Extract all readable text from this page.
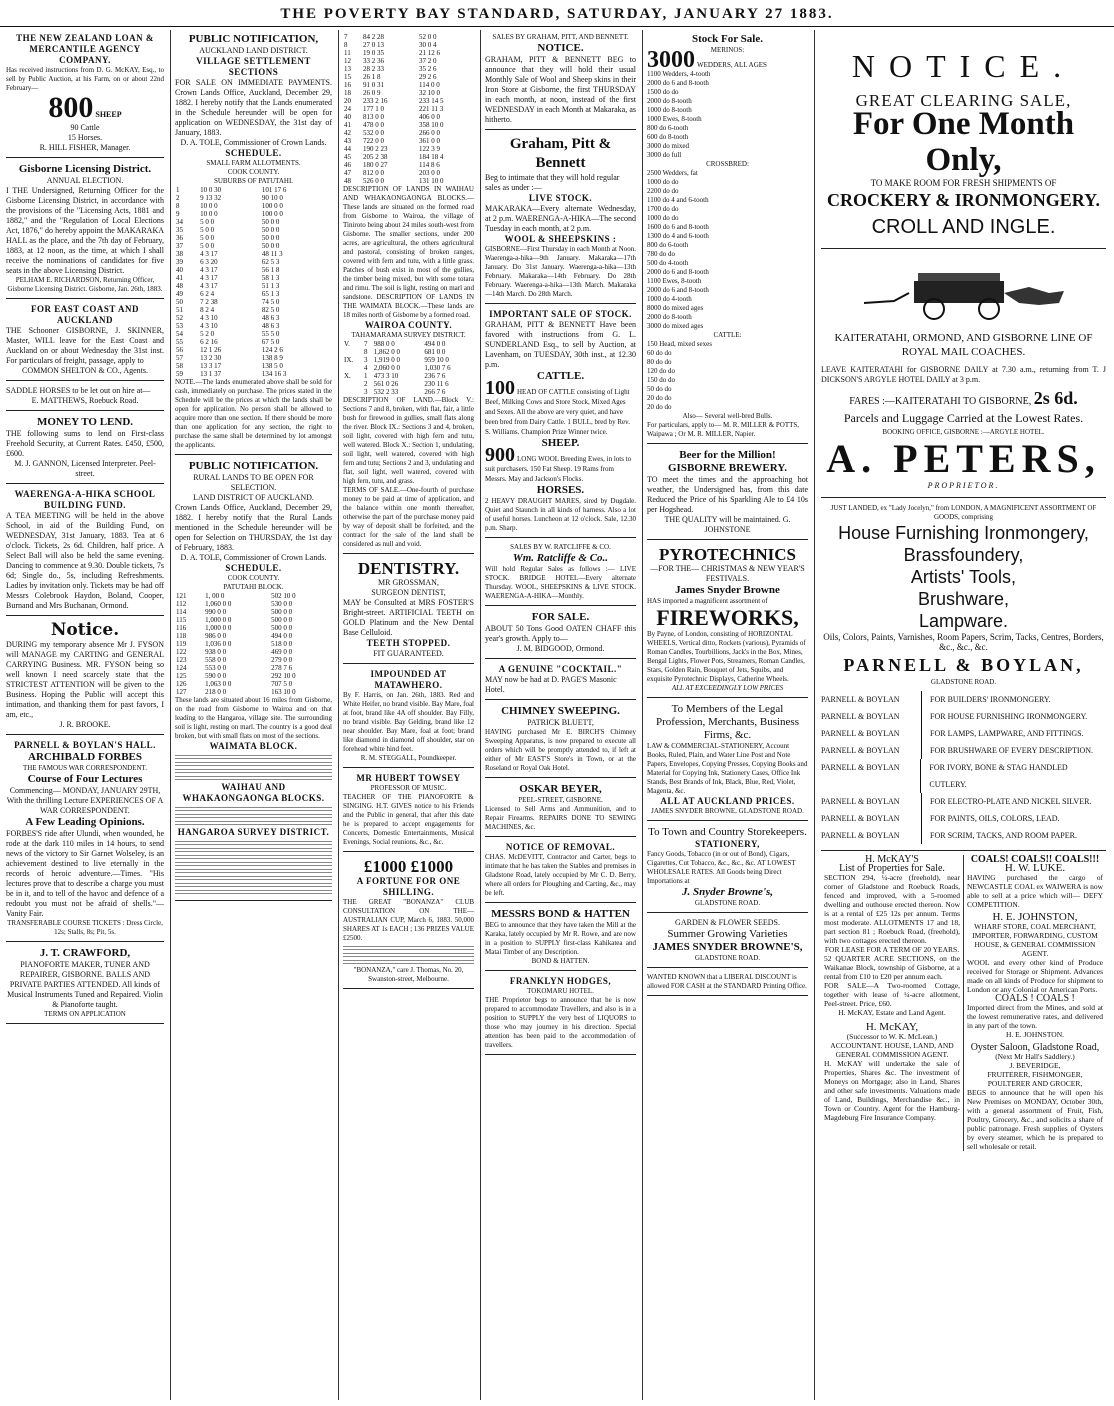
THE POVERTY BAY STANDARD, SATURDAY, JANUARY 27 1883.
THE NEW ZEALAND LOAN & MERCANTILE AGENCY COMPANY.
Has received instructions from D. G. McKAY, Esq., to sell by Public Auction, at his Farm, on or about 22nd February—
800 SHEEP
90 Cattle
15 Horses.
R. HILL FISHER, Manager.
Gisborne Licensing District.
ANNUAL ELECTION.
I THE Undersigned, Returning Officer for the Gisborne Licensing District, in accordance with the provisions of the "Licensing Acts, 1881 and 1882," and the "Regulation of Local Elections Act, 1876," do hereby appoint the MAKARAKA HALL as the place, and the 7th day of February, 1883, at 12 noon, as the time, at which I shall receive the nominations of candidates for five seats in the above Licensing District.
PELHAM E. RICHARDSON, Returning Officer, Gisborne Licensing District. Gisborne, Jan. 26th, 1883.
FOR EAST COAST AND AUCKLAND
THE Schooner GISBORNE, J. SKINNER, Master, WILL leave for the East Coast and Auckland on or about Wednesday the 31st inst. For particulars of freight, passage, apply to
COMMON SHELTON & CO., Agents.
SADDLE HORSES to be let out on hire at—
E. MATTHEWS, Roebuck Road.
MONEY TO LEND.
THE following sums to lend on First-class Freehold Security, at Current Rates. £450, £500, £600.
M. J. GANNON, Licensed Interpreter. Peel-street.
WAERENGA-A-HIKA SCHOOL BUILDING FUND.
A TEA MEETING will be held in the above School, in aid of the Building Fund, on WEDNESDAY, 31st January, 1883. Tea at 6 o'clock. Tickets, 2s 6d. Children, half price. A Select Ball will also be held the same evening. Dancing to commence at 9.30. Double tickets, 7s 6d; Single do., 5s, including Refreshments. Ladies by invitation only. Tickets may be had off Messrs Colebrook Haydon, Boland, Cooper, Burnand and Mrs Buchanan, Ormond.
Notice.
DURING my temporary absence Mr J. FYSON will MANAGE my CARTING and GENERAL CARRYING Business. MR. FYSON being so well known I need scarcely state that the STRICTEST ATTENTION will be given to the Business. Hoping the Public will accept this intimation, and thanking them for past favors, I am, etc.,
J. R. BROOKE.
PARNELL & BOYLAN'S HALL.
ARCHIBALD FORBES
THE FAMOUS WAR CORRESPONDENT.
Course of Four Lectures
Commencing— MONDAY, JANUARY 29TH,
With the thrilling Lecture EXPERIENCES OF A WAR CORRESPONDENT.
A Few Leading Opinions.
FORBES'S ride after Ulundi, when wounded, he rode at the dark 110 miles in 14 hours, to send news of the victory to Sir Garnet Wolseley, is an achievement destined to live eternally in the records of heroic adventure.—Times. "His lectures prove that to describe a charge you must be in it, and to tell of the havoc and defence of a redoubt you must not be afraid of shells."—Vanity Fair.
TRANSFERABLE COURSE TICKETS : Dress Circle, 12s; Stalls, 8s; Pit, 5s.
J. T. CRAWFORD,
PIANOFORTE MAKER, TUNER AND REPAIRER, GISBORNE. BALLS AND PRIVATE PARTIES ATTENDED. All kinds of Musical Instruments Tuned and Repaired. Violin & Pianoforte taught.
TERMS ON APPLICATION
PUBLIC NOTIFICATION,
AUCKLAND LAND DISTRICT.
VILLAGE SETTLEMENT SECTIONS
FOR SALE ON IMMEDIATE PAYMENTS. Crown Lands Office, Auckland, December 29, 1882. I hereby notify that the Lands enumerated in the Schedule hereunder will be open for application on WEDNESDAY, the 31st day of January, 1883.
D. A. TOLE, Commissioner of Crown Lands.
SCHEDULE.
SMALL FARM ALLOTMENTS.
COOK COUNTY.
SUBURBS OF PATUTAHI.
1	10 0 30	101 17 6
2	9 13 32	90 10 0
8	10 0 0	100 0 0
9	10 0 0	100 0 0
34	5 0 0	50 0 0
35	5 0 0	50 0 0
36	5 0 0	50 0 0
37	5 0 0	50 0 0
38	4 3 17	48 11 3
39	6 3 20	62 5 3
40	4 3 17	56 1 8
41	4 3 17	58 1 3
48	4 3 17	51 1 3
49	6 2 4	65 1 3
50	7 2 38	74 5 0
51	8 2 4	82 5 0
52	4 3 10	48 6 3
53	4 3 10	48 6 3
54	5 2 0	55 5 0
55	6 2 16	67 5 0
56	12 1 26	124 2 6
57	13 2 30	138 8 9
58	13 3 17	138 5 0
59	13 1 37	134 16 3
NOTE.—The lands enumerated above shall be sold for cash, immediately on purchase. The prices stated in the Schedule will be the prices at which the lands shall be open for application. No person shall be allowed to acquire more than one section. If there should be more than one application for any section, the right to purchase the same shall be determined by lot amongst the applicants.
PUBLIC NOTIFICATION.
RURAL LANDS TO BE OPEN FOR SELECTION.
LAND DISTRICT OF AUCKLAND.
Crown Lands Office, Auckland, December 29, 1882. I hereby notify that the Rural Lands mentioned in the Schedule hereunder will be open for Selection on THURSDAY, the 1st day of February, 1883.
D. A. TOLE, Commissioner of Crown Lands.
SCHEDULE.
COOK COUNTY.
PATUTAHI BLOCK.
121	1, 00 0	502 10 0
112	1,060 0 0	530 0 0
114	990 0 0	500 0 0
115	1,000 0 0	500 0 0
116	1,000 0 0	500 0 0
118	986 0 0	494 0 0
119	1,036 0 0	518 0 0
122	938 0 0	469 0 0
123	558 0 0	279 0 0
124	553 0 0	278 7 6
125	590 0 0	292 10 0
126	1,063 0 0	707 5 0
127	218 0 0	163 10 0
These lands are situated about 16 miles from Gisborne, on the road from Gisborne to Wairoa and on that leading to the Hangaroa, village site. The surrounding soil is light, resting on marl. The country is a good deal broken, but with small flats on most of the sections.
WAIMATA BLOCK.
WAIHAU AND WHAKAONGAONGA BLOCKS.
HANGAROA SURVEY DISTRICT.
7	84 2 28	52 0 0
8	27 0 13	30 0 4
11	19 0 35	21 12 6
12	33 2 36	37 2 0
13	28 2 33	35 2 6
15	26 1 8	29 2 6
16	91 0 31	114 0 0
18	26 0 9	32 10 0
20	233 2 16	233 14 5
24	177 1 0	221 11 3
40	813 0 0	406 0 0
41	478 0 0	358 10 0
42	532 0 0	266 0 0
43	722 0 0	361 0 0
44	190 2 23	122 3 9
45	205 2 38	184 18 4
46	180 0 27	114 8 6
47	812 0 0	203 0 0
48	526 0 0	131 10 0
DESCRIPTION OF LANDS IN WAIHAU AND WHAKAONGAONGA BLOCKS.—These lands are situated on the formed road from Gisborne to Wairoa, the village of Tiniroto being about 24 miles south-west from Gisborne. The smaller sections, under 200 acres, are agricultural, the others agricultural and pastoral, consisting of broken ranges, covered with fern and tutu, with a little grass. Patches of bush exist in most of the gullies, the timber being mixed, but with some totara and rimu. The soil is light, resting on marl and sandstone. DESCRIPTION OF LANDS IN THE WAIMATA BLOCK.—These lands are 18 miles north of Gisborne by a formed road.
WAIROA COUNTY.
TAHAMARAMA SURVEY DISTRICT.
V.	7	988 0 0	494 0 0
	8	1,862 0 0	681 0 0
IX.	3	1,919 0 0	959 10 0
	4	2,060 0 0	1,030 7 6
X.	1	473 3 10	236 7 6
	2	561 0 26	230 11 6
	3	532 2 33	266 7 6
DESCRIPTION OF LAND.—Block V.: Sections 7 and 8, broken, with flat, fair, a little bush for firewood in gullies, small flats along the river. Block IX.: Sections 3 and 4, broken, soil light, covered with high fern and tutu, well watered. Block X.: Section 1, undulating, soil light, well watered, covered with high fern and tutu; Sections 2 and 3, undulating and flat, soil light, well watered, covered with high fern, tutu, and grass.
TERMS OF SALE.—One-fourth of purchase money to be paid at time of application, and the balance within one month thereafter, otherwise the part of the purchase money paid by way of deposit shall be forfeited, and the contract for the sale of the land shall be considered as null and void.
DENTISTRY.
MR GROSSMAN,
SURGEON DENTIST,
MAY be Consulted at MRS FOSTER'S Bright-street. ARTIFICIAL TEETH on GOLD Platinum and the New Dental Base Celluloid.
TEETH STOPPED.
FIT GUARANTEED.
IMPOUNDED AT MATAWHERO.
By F. Harris, on Jan. 26th, 1883. Red and White Heifer, no brand visible. Bay Mare, foal at foot, brand like 4A off shoulder. Bay Filly, no brand visible. Bay Gelding, brand like 12 near shoulder. Bay Mare, foal at foot; brand like diamond in diamond off shoulder, star on forehead white hind feet.
R. M. STEGGALL, Poundkeeper.
MR HUBERT TOWSEY
PROFESSOR OF MUSIC.
TEACHER OF THE PIANOFORTE & SINGING. H.T. GIVES notice to his Friends and the Public in general, that after this date he is prepared to accept engagements for Concerts, Domestic Entertainments, Musical Evenings, Social reunions, &c., &c.
£1000 £1000
A FORTUNE FOR ONE SHILLING.
THE GREAT "BONANZA" CLUB CONSULTATION ON THE— AUSTRALIAN CUP, March 6, 1883. 50,000 SHARES AT 1s EACH ; 136 PRIZES VALUE £2500.
"BONANZA," care J. Thomas, No. 20, Swanston-street, Melbourne.
SALES BY GRAHAM, PITT, AND BENNETT.
NOTICE.
GRAHAM, PITT & BENNETT BEG to announce that they will hold their usual Monthly Sale of Wool and Sheep skins in their Iron Store at Gisborne, the first THURSDAY in each month, at noon, instead of the first WEDNESDAY in each Month at Makaraka, as hitherto.
Graham, Pitt & Bennett
Beg to intimate that they will hold regular sales as under :—
LIVE STOCK.
MAKARAKA—Every alternate Wednesday, at 2 p.m. WAERENGA-A-HIKA—The second Tuesday in each month, at 2 p.m.
WOOL & SHEEPSKINS :
GISBORNE—First Thursday in each Month at Noon. Waerenga-a-hika—9th January. Makaraka—17th January. Do 31st January. Waerenga-a-hika—13th February. Makaraka—14th February. Do 28th February. Waerenga-a-hika—13th March. Makaraka—14th March. Do 28th March.
IMPORTANT SALE OF STOCK.
GRAHAM, PITT & BENNETT Have been favored with instructions from G. L. SUNDERLAND Esq., to sell by Auction, at Lavenham, on TUESDAY, 30th inst., at 12.30 p.m.
CATTLE.
100 HEAD OF CATTLE consisting of Light Beef, Milking Cows and Store Stock, Mixed Ages and Sexes. All the above are very quiet, and have been bred from Dairy Cattle. 1 BULL, bred by Rev. S. Williams. Champion Prize Winner twice.
SHEEP.
900 LONG WOOL Breeding Ewes, in lots to suit purchasers. 150 Fat Sheep. 19 Rams from Messrs. May and Jackson's Flocks.
HORSES.
2 HEAVY DRAUGHT MARES, sired by Dugdale. Quiet and Staunch in all kinds of harness. Also a lot of useful horses. Luncheon at 12 o'clock. Sale, 12.30 p.m. Sharp.
SALES BY W. RATCLIFFE & CO.
Wm. Ratcliffe & Co..
Will hold Regular Sales as follows :— LIVE STOCK. BRIDGE HOTEL—Every alternate Thursday. WOOL, SHEEPSKINS & LIVE STOCK. WAERENGA-A-HIKA—Monthly.
FOR SALE.
ABOUT 50 Tons Good OATEN CHAFF this year's growth. Apply to—
J. M. BIDGOOD, Ormond.
A GENUINE "COCKTAIL."
MAY now be had at D. PAGE'S Masonic Hotel.
CHIMNEY SWEEPING.
PATRICK BLUETT,
HAVING purchased Mr E. BIRCH'S Chimney Sweeping Apparatus, is now prepared to execute all orders which will be promptly attended to, if left at either of Mr EAST'S Store's in Town, or at the Roseland or Royal Oak Hotel.
OSKAR BEYER,
PEEL-STREET, GISBORNE.
Licensed to Sell Arms and Ammunition, and to Repair Firearms. REPAIRS DONE TO SEWING MACHINES, &c.
NOTICE OF REMOVAL.
CHAS. McDEVITT, Contractor and Carter, begs to intimate that he has taken the Stables and premises in Gladstone Road, lately occupied by Mr C. D. Berry, where all orders for Ploughing and Carting, &c., may be left.
MESSRS BOND & HATTEN
BEG to announce that they have taken the Mill at the Karaka, lately occupied by Mr R. Rowe, and are now in a position to SUPPLY first-class Kahikatea and Matai Timber of any Description.
BOND & HATTEN.
FRANKLYN HODGES,
TOKOMARU HOTEL.
THE Proprietor begs to announce that he is now prepared to accommodate Travellers, and also is in a position to SUPPLY the very best of LIQUORS to those who may journey in his direction. Special attention has been paid to the accommodation of travellers.
Stock For Sale.
MERINOS:
3000 WEDDERS, ALL AGES
1100 Wedders, 4-tooth
2000 do 6 and 8-tooth
1500 do do
2000 do 8-tooth
1000 do 8-tooth
1000 Ewes, 8-tooth
800 do 6-tooth
600 do 8-tooth
3000 do mixed
3000 do full
CROSSBRED:
2500 Wedders, fat
1000 do do
2200 do do
1100 do 4 and 6-tooth
1700 do do
1000 do do
1600 do 6 and 8-tooth
1300 do 4 and 6-tooth
800 do 6-tooth
780 do do
500 do 4-tooth
2000 do 6 and 8-tooth
1100 Ewes, 8-tooth
2000 do 6 and 8-tooth
1000 do 4-tooth
8000 do mixed ages
2000 do 8-tooth
3000 do mixed ages
CATTLE:
150 Head, mixed sexes
60 do do
80 do do
120 do do
150 do do
50 do do
20 do do
20 do do
Also— Several well-bred Bulls.
For particulars, apply to— M. R. MILLER & POTTS, Waipawa ; Or M. R. MILLER, Napier.
Beer for the Million!
GISBORNE BREWERY.
TO meet the times and the approaching hot weather, the Undersigned has, from this date Reduced the Price of his Sparkling Ale to £4 10s per Hogshead.
THE QUALITY will be maintained. G. JOHNSTONE
PYROTECHNICS
—FOR THE— CHRISTMAS & NEW YEAR'S FESTIVALS.
James Snyder Browne
HAS imported a magnificent assortment of
FIREWORKS,
By Payne, of London, consisting of HORIZONTAL WHEELS, Vertical ditto, Rockets (various), Pyramids of Roman Candles, Tourbillions, Jack's in the Box, Mines, Bengal Lights, Flower Pots, Streamers, Roman Candles, Stars, Golden Rain, Bouquet of Jets, Squibs, and exquisite Pyrotechnic Displays, Catherine Wheels.
ALL AT EXCEEDINGLY LOW PRICES
To Members of the Legal Profession, Merchants, Business Firms, &c.
LAW & COMMERCIAL-STATIONERY, Account Books, Ruled, Plain, and Water Line Post and Note Papers, Envelopes, Copying Presses, Copying Books and Material for Copying Ink, Stationery Cases, Office Ink Stands, Best Brands of Ink, Black, Blue, Red, Violet, Magenta, &c.
ALL AT AUCKLAND PRICES.
JAMES SNYDER BROWNE, GLADSTONE ROAD.
To Town and Country Storekeepers.
STATIONERY,
Fancy Goods, Tobacco (in or out of Bond), Cigars, Cigarettes, Cut Tobacco, &c., &c., &c. AT LOWEST WHOLESALE RATES. All Goods being Direct Importations at
J. Snyder Browne's,
GLADSTONE ROAD.
GARDEN & FLOWER SEEDS.
Summer Growing Varieties
JAMES SNYDER BROWNE'S,
GLADSTONE ROAD.
WANTED KNOWN that a LIBERAL DISCOUNT is allowed FOR CASH at the STANDARD Printing Office.
NOTICE.
GREAT CLEARING SALE,
For One Month Only,
TO MAKE ROOM FOR FRESH SHIPMENTS OF
CROCKERY & IRONMONGERY.
CROLL AND INGLE.
KAITERATAHI, ORMOND, AND GISBORNE LINE OF ROYAL MAIL COACHES.
LEAVE KAITERATAHI for GISBORNE DAILY at 7.30 a.m., returning from T. J DICKSON'S ARGYLE HOTEL DAILY at 3 p.m.
FARES :—KAITERATAHI TO GISBORNE, 2s 6d.
Parcels and Luggage Carried at the Lowest Rates.
BOOKING OFFICE, GISBORNE :—ARGYLE HOTEL.
A. PETERS,
PROPRIETOR.
JUST LANDED, ex "Lady Jocelyn," from LONDON, A MAGNIFICENT ASSORTMENT OF GOODS, comprising
House Furnishing Ironmongery,
Brassfoundery,
Artists' Tools,
Brushware,
Lampware.
Oils, Colors, Paints, Varnishes, Room Papers, Scrim, Tacks, Centres, Borders, &c., &c., &c.
PARNELL & BOYLAN,
GLADSTONE ROAD.
PARNELL & BOYLAN	FOR BUILDERS' IRONMONGERY.
PARNELL & BOYLAN	FOR HOUSE FURNISHING IRONMONGERY.
PARNELL & BOYLAN	FOR LAMPS, LAMPWARE, AND FITTINGS.
PARNELL & BOYLAN	FOR BRUSHWARE OF EVERY DESCRIPTION.
PARNELL & BOYLAN	FOR IVORY, BONE & STAG HANDLED CUTLERY.
PARNELL & BOYLAN	FOR ELECTRO-PLATE AND NICKEL SILVER.
PARNELL & BOYLAN	FOR PAINTS, OILS, COLORS, LEAD.
PARNELL & BOYLAN	FOR SCRIM, TACKS, AND ROOM PAPER.
H. McKAY'S
List of Properties for Sale.
SECTION 294, ¼-acre (freehold), near corner of Gladstone and Roebuck Roads, fenced and improved, with a 5-roomed dwelling and outhouse erected thereon. Now is at a rental of £25 12s per annum. Terms most moderate. ALLOTMENTS 17 and 18, part section 81 ; Roebuck Road, (freehold), with two cottages erected thereon.
FOR LEASE FOR A TERM OF 20 YEARS.
52 QUARTER ACRE SECTIONS, on the Waikanae Block, township of Gisborne, at a rental from £10 to £20 per annum each.
FOR SALE—A Two-roomed Cottage, together with lease of ¼-acre allotment, Peel-street. Price, £60.
H. McKAY, Estate and Land Agent.
H. McKAY,
(Successor to W. K. McLean.) ACCOUNTANT. HOUSE, LAND, AND GENERAL COMMISSION AGENT.
H. McKAY will undertake the sale of Properties, Shares &c. The investment of Moneys on Mortgage; also in Land, Shares and other safe investments. Valuations made of Land, Buildings, Merchandise &c., in Town or Country. Agent for the Hamburg-Magdeburg Fire Insurance Company.
COALS! COALS!! COALS!!!
H. W. LUKE.
HAVING purchased the cargo of NEWCASTLE COAL ex WAIWERA is now able to sell at a price which will— DEFY COMPETITION.
H. E. JOHNSTON,
WHARF STORE, COAL MERCHANT, IMPORTER, FORWARDING, CUSTOM HOUSE, & GENERAL COMMISSION AGENT.
WOOL and every other kind of Produce received for Storage or Shipment. Advances made on all kinds of Produce for shipment to London or any Colonial or American Ports.
COALS ! COALS !
Imported direct from the Mines, and sold at the lowest remunerative rates, and delivered in any part of the town.
H. E. JOHNSTON.
Oyster Saloon, Gladstone Road,
(Next Mr Hall's Saddlery.)
J. BEVERIDGE,
FRUITERER, FISHMONGER, POULTERER AND GROCER,
BEGS to announce that he will open his New Premises on MONDAY, October 30th, with a general assortment of Fruit, Fish, Poultry, Grocery, &c., and solicits a share of public patronage. Fresh supplies of Oysters by every steamer, which he is prepared to sell wholesale or retail.
